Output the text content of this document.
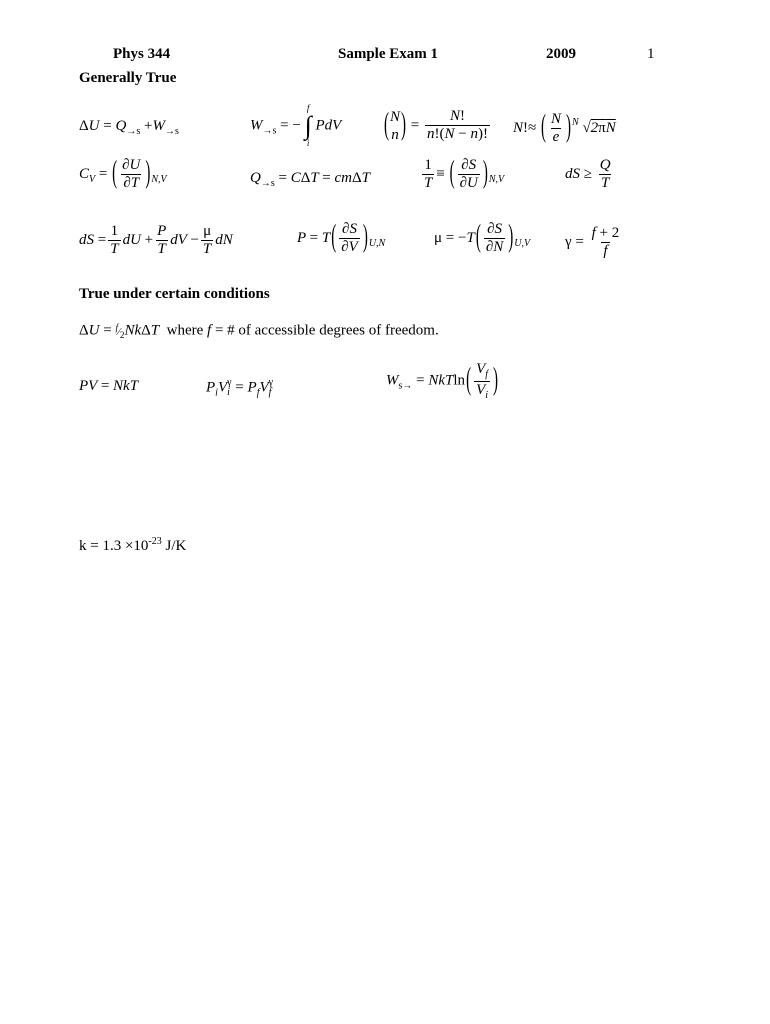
Phys 344	Sample Exam 1	2009	1
Generally True
$\Delta U = Q_{\to s} +W_{\to s}$	$W_{\to s}$ = −
f
∫
i
PdV	( N
n ) = $\frac{N!}{n!(N - n)!} N!\approx$ ( $\frac{N}{e} )^N$ √2πN
$C_V$ = ( $\frac{\partial U}{\partial T} )_{N,V}$	$Q_{\to s} = C\Delta T = cm\Delta T$	$\frac{1}{T}$ ≡ ( $\frac{\partial S}{\partial U} )_{N,V}$	dS ≥ $\frac{Q}{T}$
dS = $\frac{1}{T}$ dU + $\frac{P}{T}$ dV − $\frac{\mu}{T}$ dN	$P = T( \frac{\partial S}{\partial V} )_{U,N}$	$\mu = -T( \frac{\partial S}{\partial N} )_{U,V}$ $\gamma = \frac{f + 2}{f}$
True under certain conditions
$\Delta U = ^f⁄_2Nk\Delta T$ where f = # of accessible degrees of freedom.
PV = NkT	$P_iV$ γ
$i = P_fV$ γ
f
$W_{s\to} = NkTln( \frac{V_f}{V_i}$ )
$k = 1.3 \times 10^{-23}$ J/K
